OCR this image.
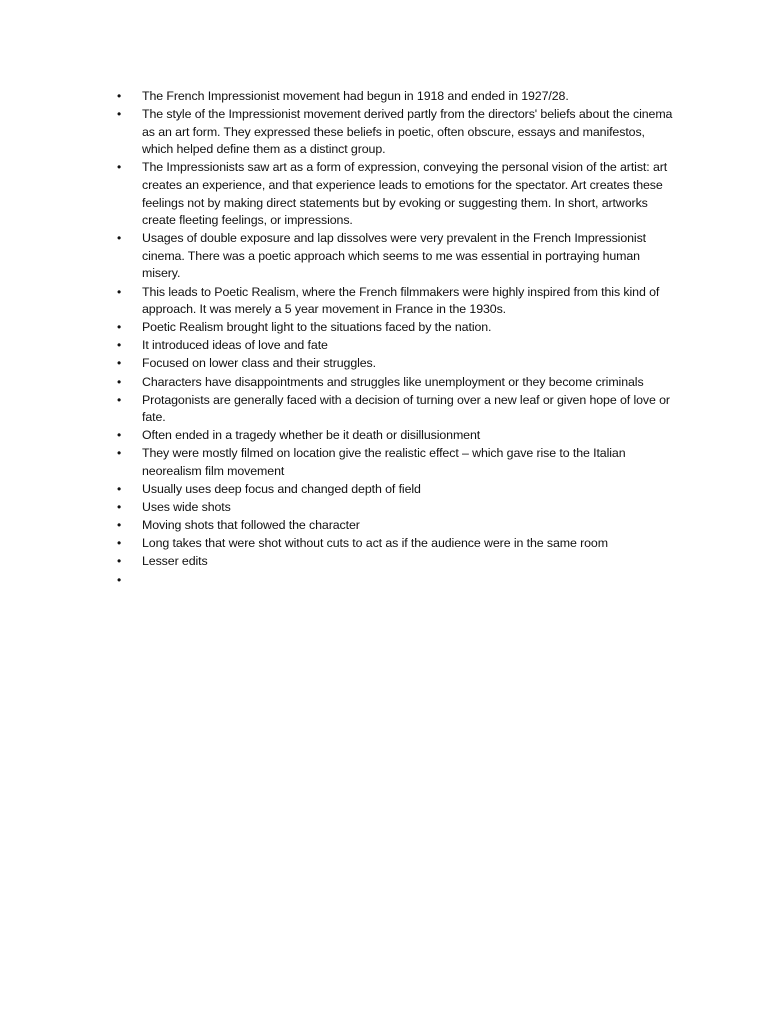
•	The French Impressionist movement had begun in 1918 and ended in 1927/28.
•	The style of the Impressionist movement derived partly from the directors' beliefs about the cinema as an art form. They expressed these beliefs in poetic, often obscure, essays and manifestos, which helped define them as a distinct group.
•	The Impressionists saw art as a form of expression, conveying the personal vision of the artist: art creates an experience, and that experience leads to emotions for the spectator. Art creates these feelings not by making direct statements but by evoking or suggesting them. In short, artworks create fleeting feelings, or impressions.
•	Usages of double exposure and lap dissolves were very prevalent in the French Impressionist cinema. There was a poetic approach which seems to me was essential in portraying human misery.
•	This leads to Poetic Realism, where the French filmmakers were highly inspired from this kind of approach. It was merely a 5 year movement in France in the 1930s.
•	Poetic Realism brought light to the situations faced by the nation.
•	It introduced ideas of love and fate
•	Focused on lower class and their struggles.
•	Characters have disappointments and struggles like unemployment or they become criminals
•	Protagonists are generally faced with a decision of turning over a new leaf or given hope of love or fate.
•	Often ended in a tragedy whether be it death or disillusionment
•	They were mostly filmed on location give the realistic effect – which gave rise to the Italian neorealism film movement
•	Usually uses deep focus and changed depth of field
•	Uses wide shots
•	Moving shots that followed the character
•	Long takes that were shot without cuts to act as if the audience were in the same room
•	Lesser edits
•
